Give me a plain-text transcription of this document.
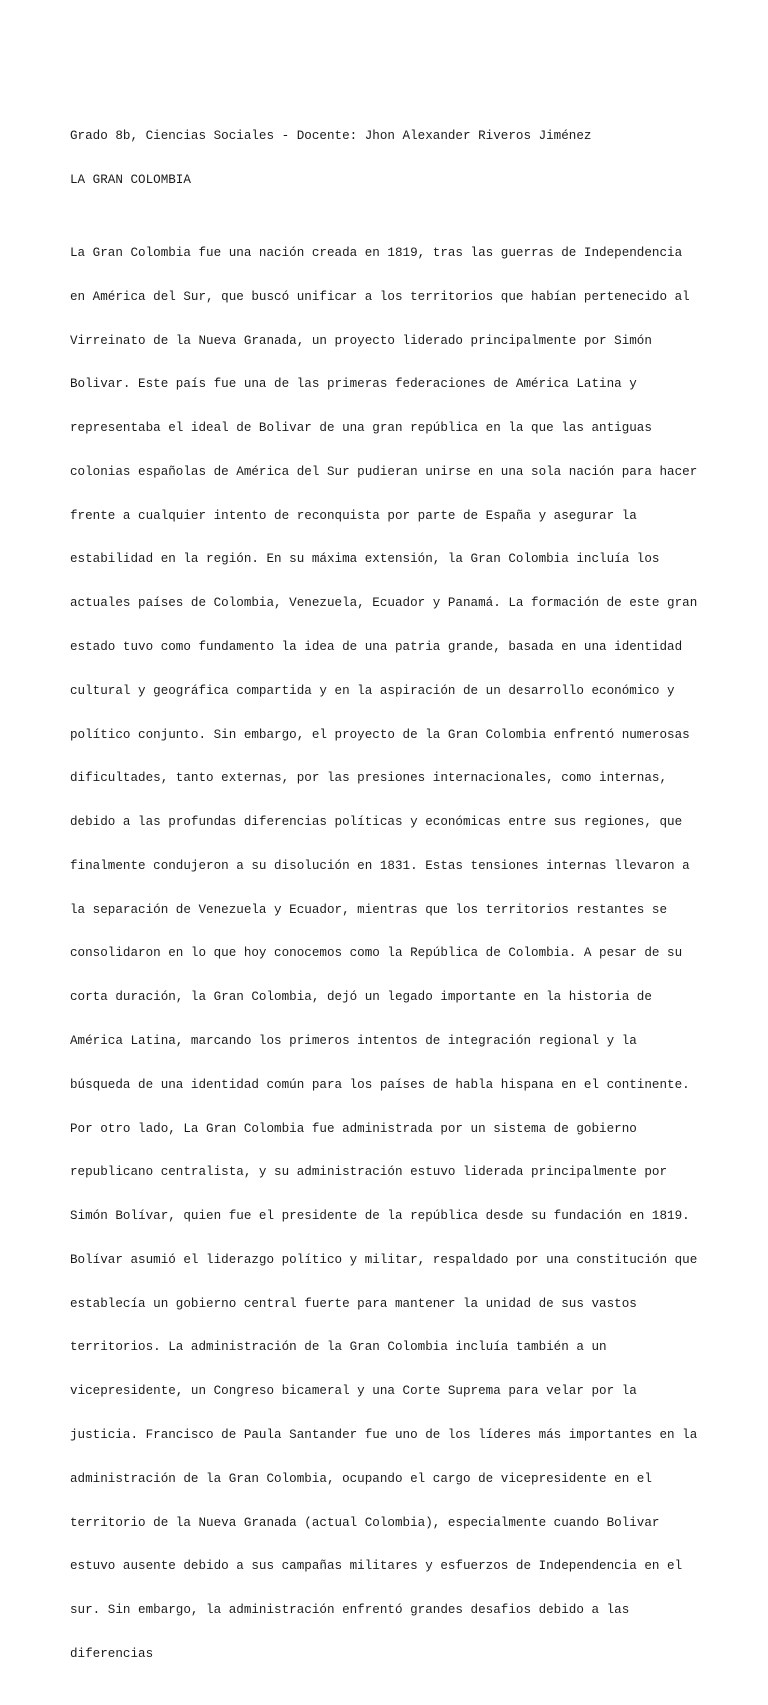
Grado 8b, Ciencias Sociales - Docente: Jhon Alexander Riveros Jiménez

LA GRAN COLOMBIA

La Gran Colombia fue una nación creada en 1819, tras las guerras de Independencia

en América del Sur, que buscó unificar a los territorios que habían pertenecido al

Virreinato de la Nueva Granada, un proyecto liderado principalmente por Simón

Bolivar. Este país fue una de las primeras federaciones de América Latina y

representaba el ideal de Bolivar de una gran república en la que las antiguas

colonias españolas de América del Sur pudieran unirse en una sola nación para hacer

frente a cualquier intento de reconquista por parte de España y asegurar la

estabilidad en la región. En su máxima extensión, la Gran Colombia incluía los

actuales países de Colombia, Venezuela, Ecuador y Panamá. La formación de este gran

estado tuvo como fundamento la idea de una patria grande, basada en una identidad

cultural y geográfica compartida y en la aspiración de un desarrollo económico y

político conjunto. Sin embargo, el proyecto de la Gran Colombia enfrentó numerosas

dificultades, tanto externas, por las presiones internacionales, como internas,

debido a las profundas diferencias políticas y económicas entre sus regiones, que

finalmente condujeron a su disolución en 1831. Estas tensiones internas llevaron a

la separación de Venezuela y Ecuador, mientras que los territorios restantes se

consolidaron en lo que hoy conocemos como la República de Colombia. A pesar de su

corta duración, la Gran Colombia, dejó un legado importante en la historia de

América Latina, marcando los primeros intentos de integración regional y la

búsqueda de una identidad común para los países de habla hispana en el continente.

Por otro lado, La Gran Colombia fue administrada por un sistema de gobierno

republicano centralista, y su administración estuvo liderada principalmente por

Simón Bolívar, quien fue el presidente de la república desde su fundación en 1819.

Bolívar asumió el liderazgo político y militar, respaldado por una constitución que

establecía un gobierno central fuerte para mantener la unidad de sus vastos

territorios. La administración de la Gran Colombia incluía también a un

vicepresidente, un Congreso bicameral y una Corte Suprema para velar por la

justicia. Francisco de Paula Santander fue uno de los líderes más importantes en la

administración de la Gran Colombia, ocupando el cargo de vicepresidente en el

territorio de la Nueva Granada (actual Colombia), especialmente cuando Bolivar

estuvo ausente debido a sus campañas militares y esfuerzos de Independencia en el

sur. Sin embargo, la administración enfrentó grandes desafios debido a las

diferencias
